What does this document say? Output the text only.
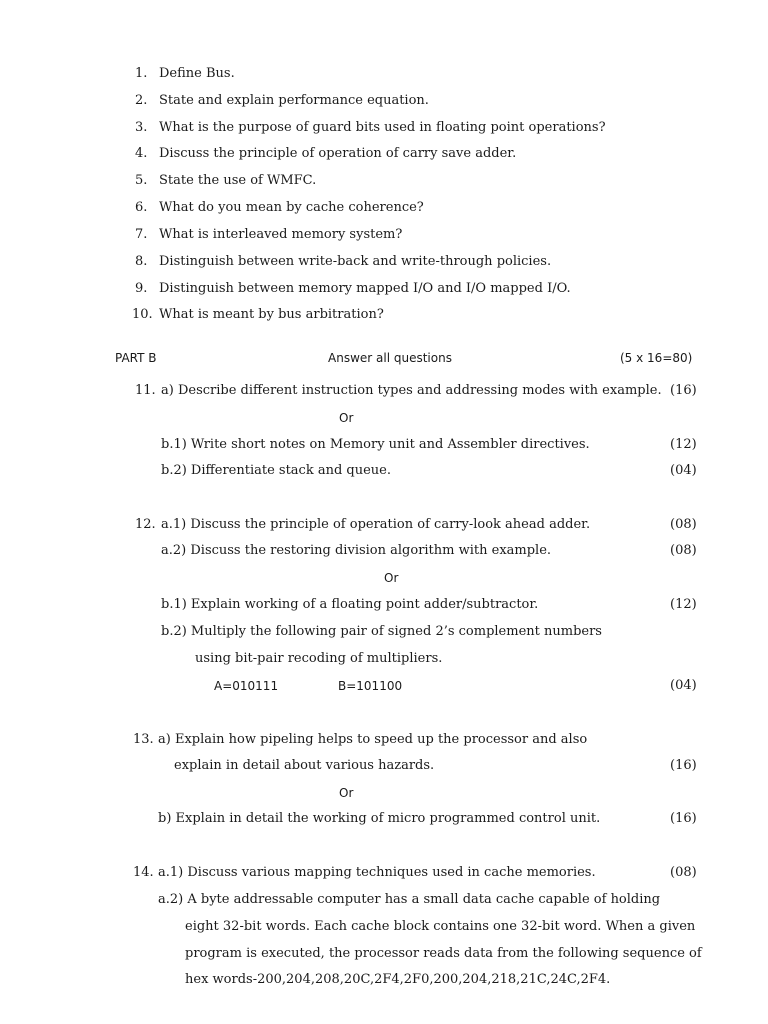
1. Define Bus.
2. State and explain performance equation.
3. What is the purpose of guard bits used in floating point operations?
4. Discuss the principle of operation of carry save adder.
5. State the use of WMFC.
6. What do you mean by cache coherence?
7. What is interleaved memory system?
8. Distinguish between write-back and write-through policies.
9. Distinguish between memory mapped I/O and I/O mapped I/O.
10. What is meant by bus arbitration?
PART B	Answer all questions	(5 x 16=80)
11. a) Describe different instruction types and addressing modes with example. (16)
Or
b.1) Write short notes on Memory unit and Assembler directives.	(12)
b.2) Differentiate stack and queue.	(04)
12. a.1) Discuss the principle of operation of carry-look ahead adder.	(08)
a.2) Discuss the restoring division algorithm with example.	(08)
Or
b.1) Explain working of a floating point adder/subtractor.	(12)
b.2) Multiply the following pair of signed 2’s complement numbers
using bit-pair recoding of multipliers.
A=010111	B=101100	(04)
13. a) Explain how pipeling helps to speed up the processor and also
explain in detail about various hazards.	(16)
Or
b) Explain in detail the working of micro programmed control unit.	(16)
14. a.1) Discuss various mapping techniques used in cache memories.	(08)
a.2) A byte addressable computer has a small data cache capable of holding
eight 32-bit words. Each cache block contains one 32-bit word. When a given
program is executed, the processor reads data from the following sequence of
hex words-200,204,208,20C,2F4,2F0,200,204,218,21C,24C,2F4.
